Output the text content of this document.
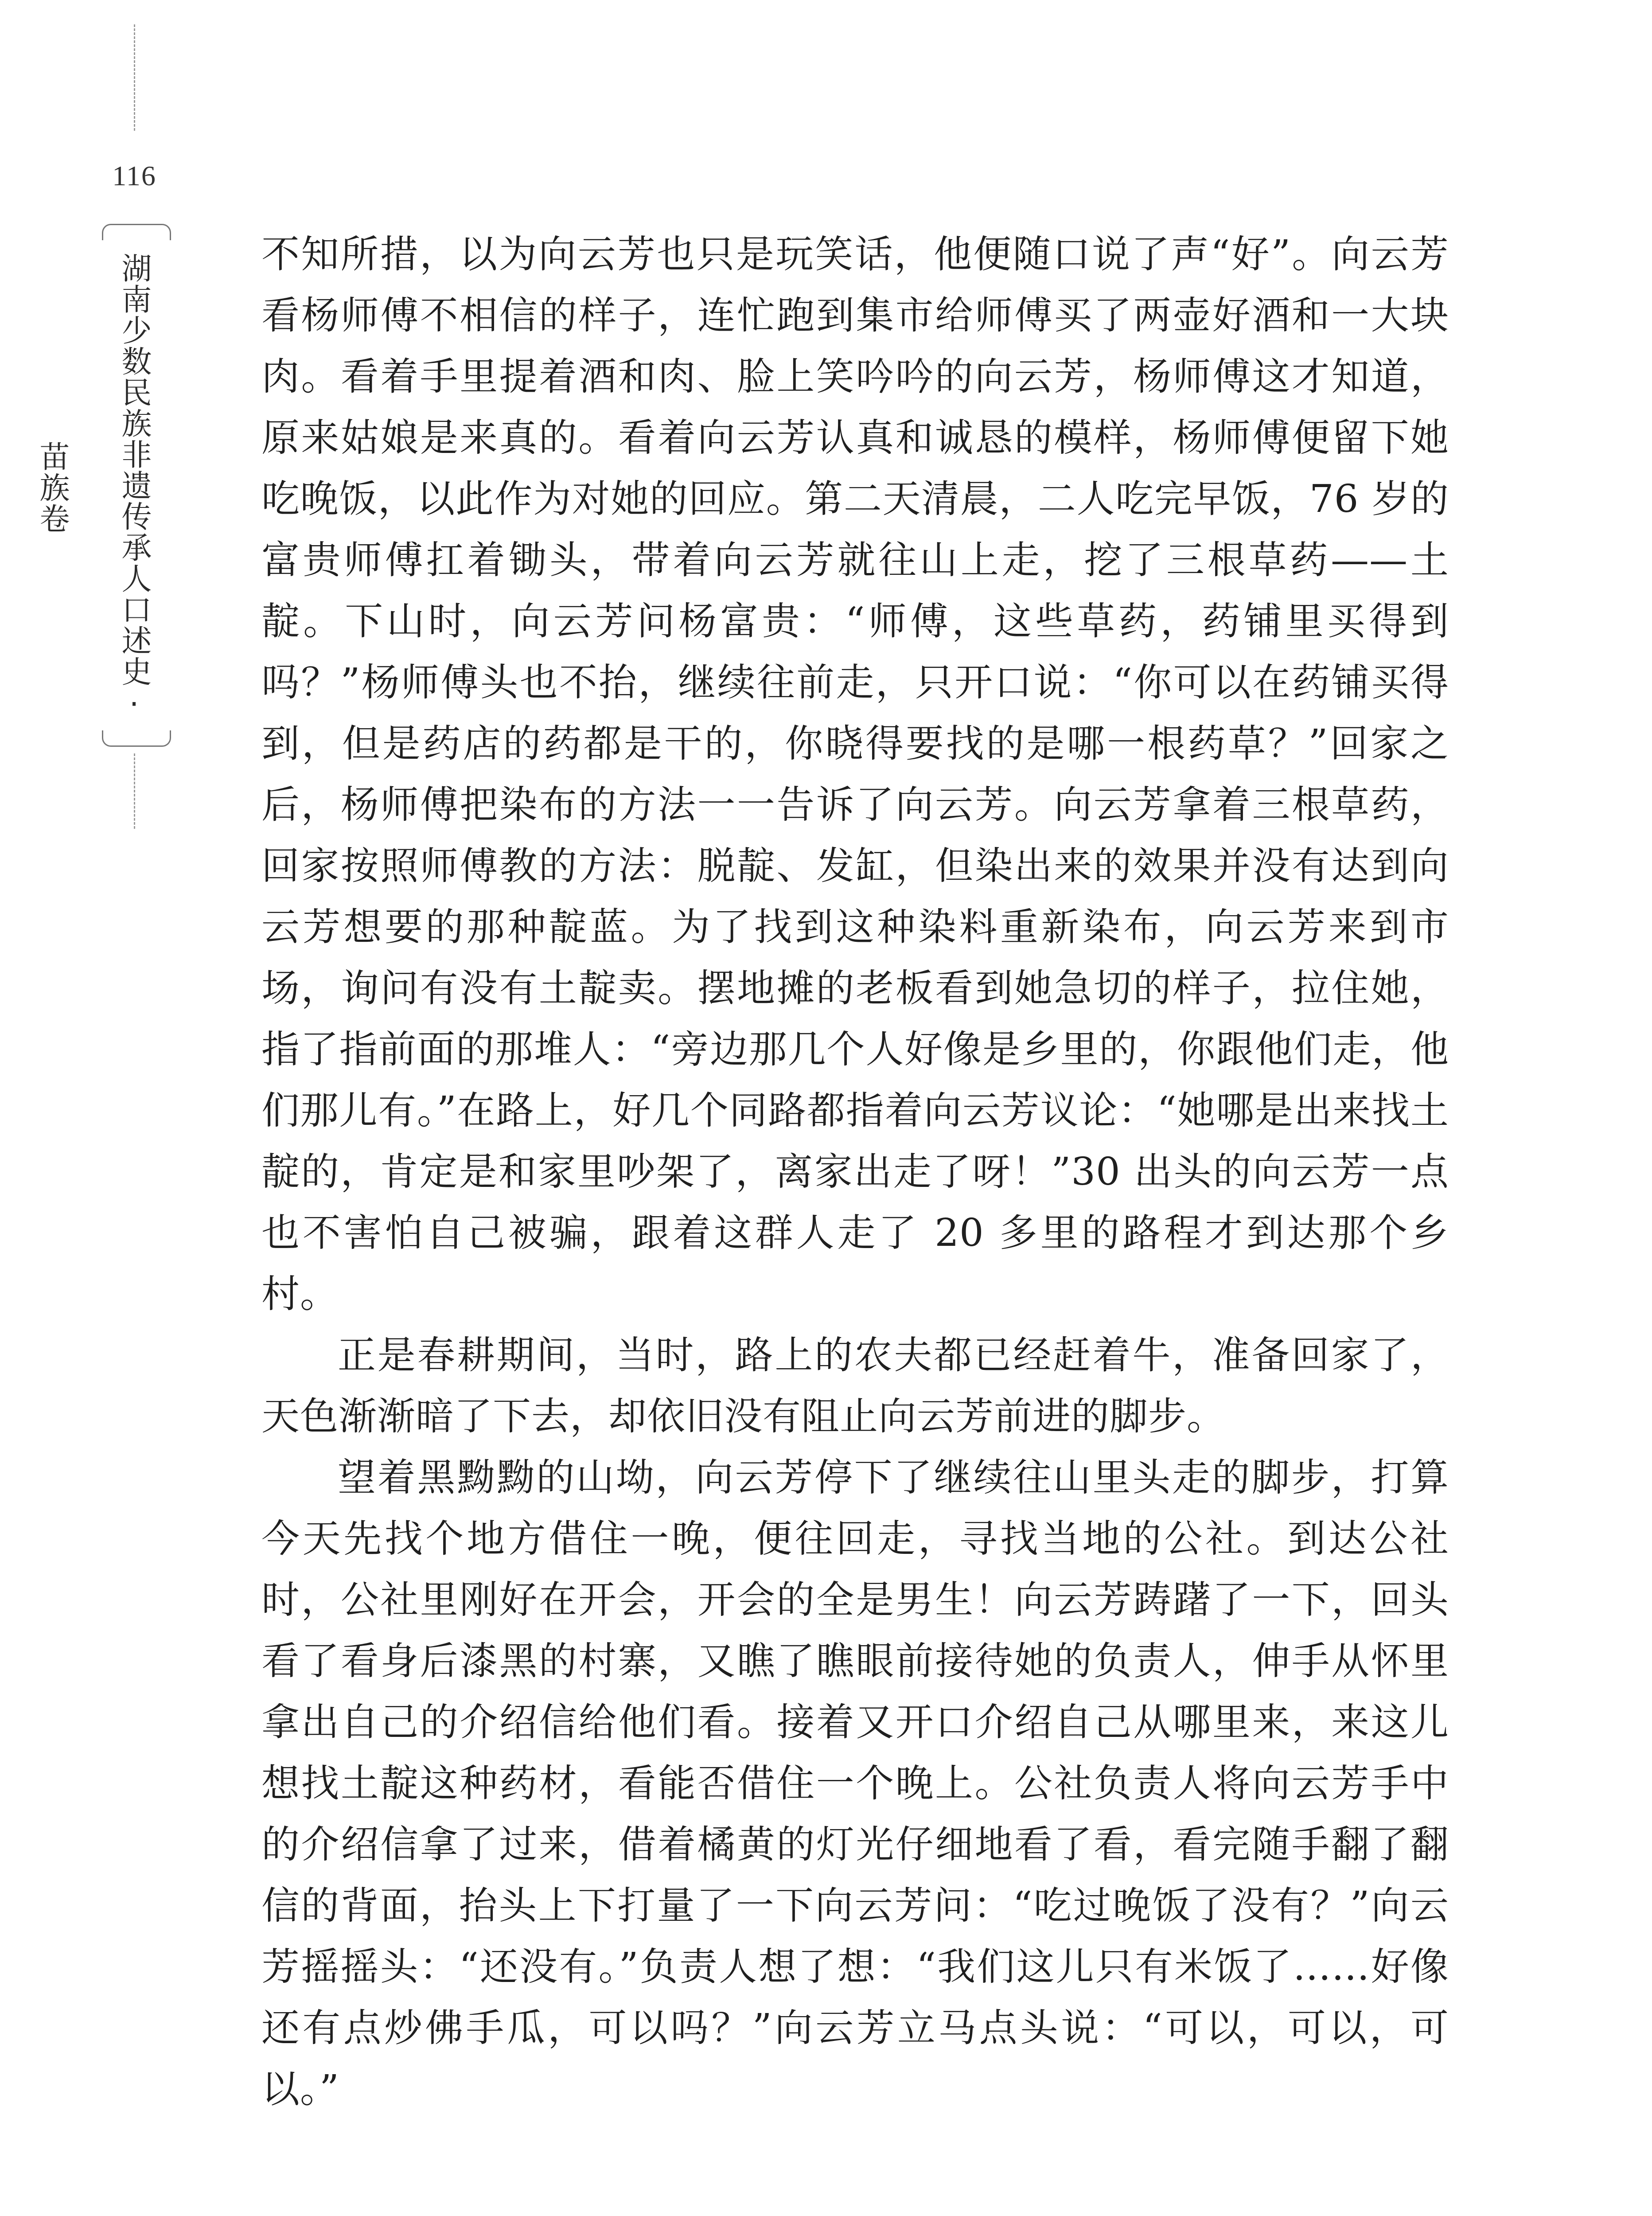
116
湖南少数民族非遗传承人口述史·苗族卷

不知所措，以为向云芳也只是玩笑话，他便随口说了声“好”。向云芳看杨师傅不相信的样子，连忙跑到集市给师傅买了两壶好酒和一大块肉。看着手里提着酒和肉、脸上笑吟吟的向云芳，杨师傅这才知道，原来姑娘是来真的。看着向云芳认真和诚恳的模样，杨师傅便留下她吃晚饭，以此作为对她的回应。第二天清晨，二人吃完早饭，76 岁的富贵师傅扛着锄头，带着向云芳就往山上走，挖了三根草药——土靛。下山时，向云芳问杨富贵：“师傅，这些草药，药铺里买得到吗？”杨师傅头也不抬，继续往前走，只开口说：“你可以在药铺买得到，但是药店的药都是干的，你晓得要找的是哪一根药草？”回家之后，杨师傅把染布的方法一一告诉了向云芳。向云芳拿着三根草药，回家按照师傅教的方法：脱靛、发缸，但染出来的效果并没有达到向云芳想要的那种靛蓝。为了找到这种染料重新染布，向云芳来到市场，询问有没有土靛卖。摆地摊的老板看到她急切的样子，拉住她，指了指前面的那堆人：“旁边那几个人好像是乡里的，你跟他们走，他们那儿有。”在路上，好几个同路都指着向云芳议论：“她哪是出来找土靛的，肯定是和家里吵架了，离家出走了呀！”30 出头的向云芳一点也不害怕自己被骗，跟着这群人走了 20 多里的路程才到达那个乡村。

正是春耕期间，当时，路上的农夫都已经赶着牛，准备回家了，天色渐渐暗了下去，却依旧没有阻止向云芳前进的脚步。

望着黑黝黝的山坳，向云芳停下了继续往山里头走的脚步，打算今天先找个地方借住一晚，便往回走，寻找当地的公社。到达公社时，公社里刚好在开会，开会的全是男生！向云芳踌躇了一下，回头看了看身后漆黑的村寨，又瞧了瞧眼前接待她的负责人，伸手从怀里拿出自己的介绍信给他们看。接着又开口介绍自己从哪里来，来这儿想找土靛这种药材，看能否借住一个晚上。公社负责人将向云芳手中的介绍信拿了过来，借着橘黄的灯光仔细地看了看，看完随手翻了翻信的背面，抬头上下打量了一下向云芳问：“吃过晚饭了没有？”向云芳摇摇头：“还没有。”负责人想了想：“我们这儿只有米饭了……好像还有点炒佛手瓜，可以吗？”向云芳立马点头说：“可以，可以，可以。”
